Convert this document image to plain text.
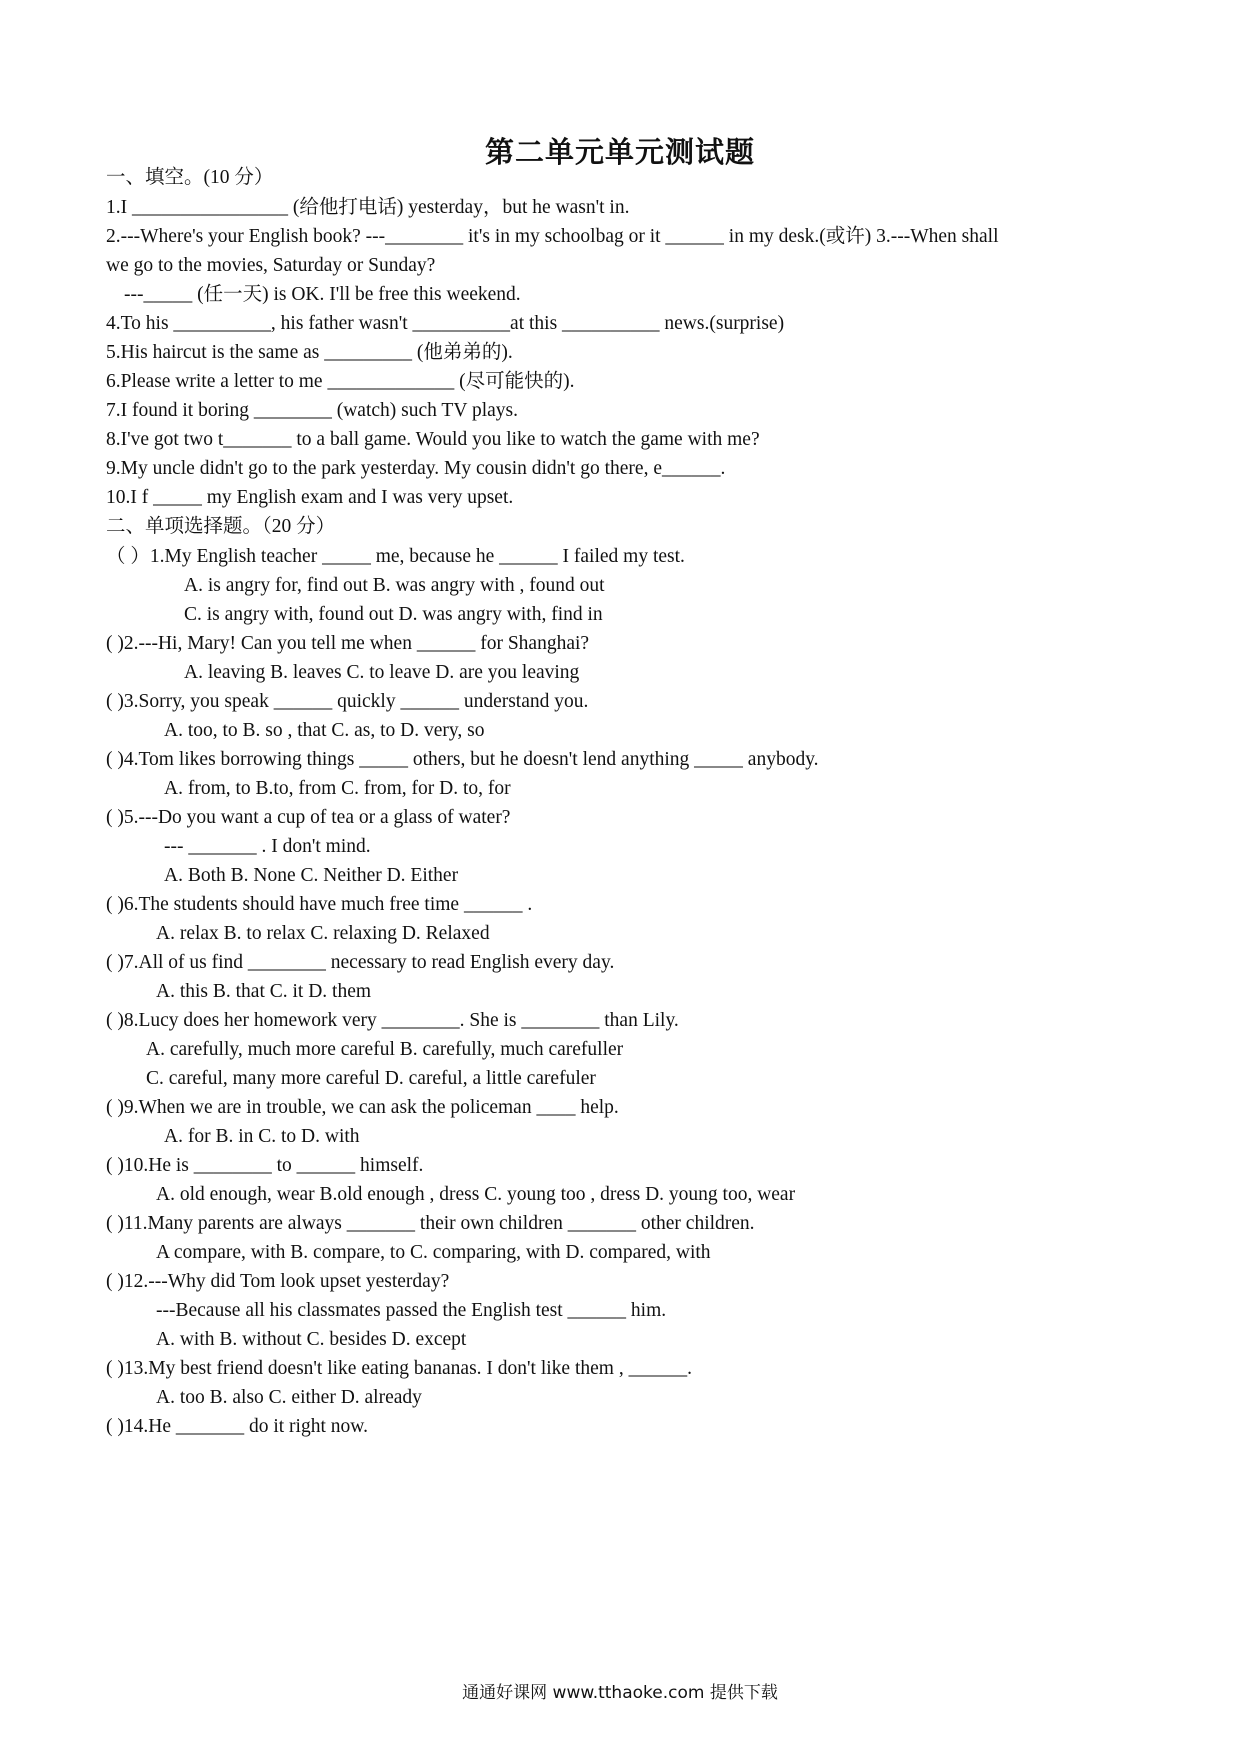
第二单元单元测试题
一、填空。(10 分）
1.I ________________ (给他打电话) yesterday，but he wasn't in.
2.---Where's your English book? ---________ it's in my schoolbag or it ______ in my desk.(或许) 3.---When shall
we go to the movies, Saturday or Sunday?
---_____ (任一天) is OK. I'll be free this weekend.
4.To his __________, his father wasn't __________at this __________ news.(surprise)
5.His haircut is the same as _________ (他弟弟的).
6.Please write a letter to me _____________ (尽可能快的).
7.I found it boring ________ (watch) such TV plays.
8.I've got two t_______ to a ball game. Would you like to watch the game with me?
9.My uncle didn't go to the park yesterday. My cousin didn't go there, e______.
10.I f _____ my English exam and I was very upset.
二、单项选择题。（20 分）
（ ）1.My English teacher _____ me, because he ______ I failed my test.
A. is angry for, find out B. was angry with , found out
C. is angry with, found out D. was angry with, find in
( )2.---Hi, Mary! Can you tell me when ______ for Shanghai?
A. leaving B. leaves C. to leave D. are you leaving
( )3.Sorry, you speak ______ quickly ______ understand you.
A. too, to B. so , that C. as, to D. very, so
( )4.Tom likes borrowing things _____ others, but he doesn't lend anything _____ anybody.
A. from, to B.to, from C. from, for D. to, for
( )5.---Do you want a cup of tea or a glass of water?
--- _______ . I don't mind.
A. Both B. None C. Neither D. Either
( )6.The students should have much free time ______ .
A. relax B. to relax C. relaxing D. Relaxed
( )7.All of us find ________ necessary to read English every day.
A. this B. that C. it D. them
( )8.Lucy does her homework very ________. She is ________ than Lily.
A. carefully, much more careful B. carefully, much carefuller
C. careful, many more careful D. careful, a little carefuler
( )9.When we are in trouble, we can ask the policeman ____ help.
A. for B. in C. to D. with
( )10.He is ________ to ______ himself.
A. old enough, wear B.old enough , dress C. young too , dress D. young too, wear
( )11.Many parents are always _______ their own children _______ other children.
A compare, with B. compare, to C. comparing, with D. compared, with
( )12.---Why did Tom look upset yesterday?
---Because all his classmates passed the English test ______ him.
A. with B. without C. besides D. except
( )13.My best friend doesn't like eating bananas. I don't like them , ______.
A. too B. also C. either D. already
( )14.He _______ do it right now.
通通好课网 www.tthaoke.com 提供下载
